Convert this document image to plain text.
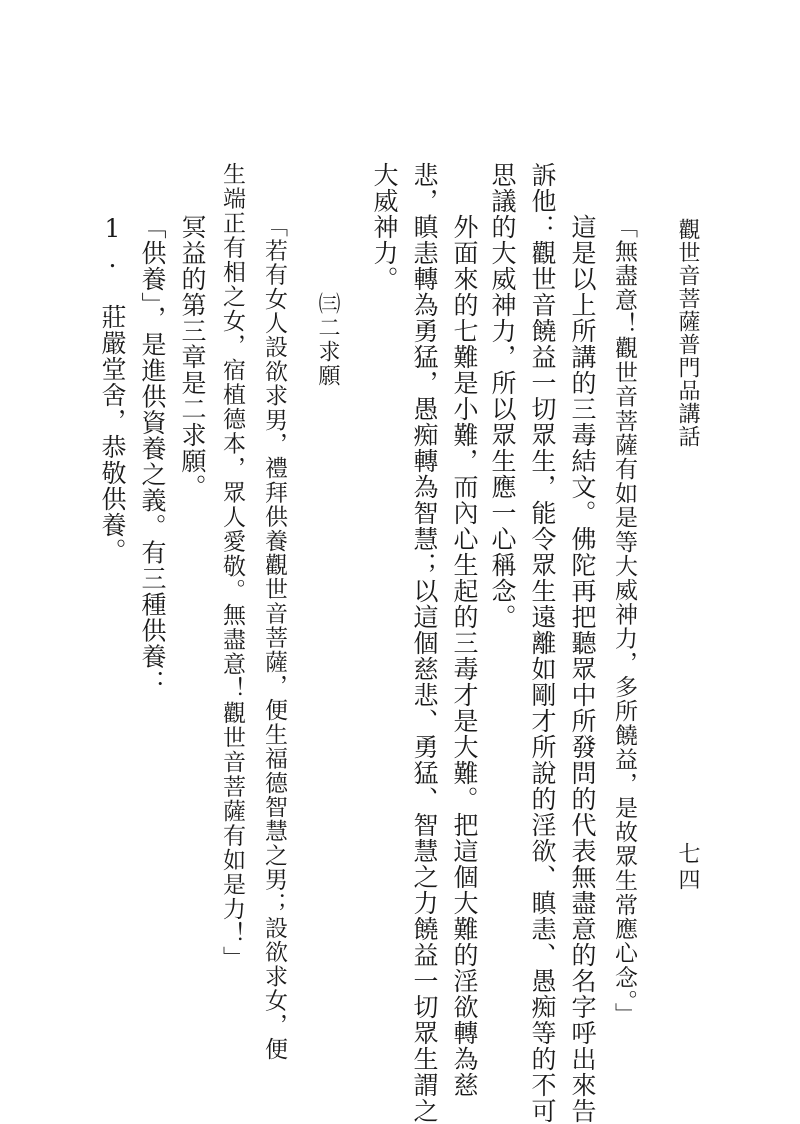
觀世音菩薩普門品講話
七四
「無盡意！觀世音菩薩有如是等大威神力，多所饒益，是故眾生常應心念。」
這是以上所講的三毒結文。佛陀再把聽眾中所發問的代表無盡意的名字呼出來告
訴他：觀世音饒益一切眾生，能令眾生遠離如剛才所說的淫欲、瞋恚、愚痴等的不可
思議的大威神力，所以眾生應一心稱念。
外面來的七難是小難，而內心生起的三毒才是大難。把這個大難的淫欲轉為慈
悲，瞋恚轉為勇猛，愚痴轉為智慧；以這個慈悲、勇猛、智慧之力饒益一切眾生謂之
大威神力。
㈢二求願
「若有女人設欲求男，禮拜供養觀世音菩薩，便生福德智慧之男；設欲求女，便
生端正有相之女，宿植德本，眾人愛敬。無盡意！觀世音菩薩有如是力！」
冥益的第三章是二求願。
「供養」，是進供資養之義。有三種供養：
1. 莊嚴堂舍，恭敬供養。
